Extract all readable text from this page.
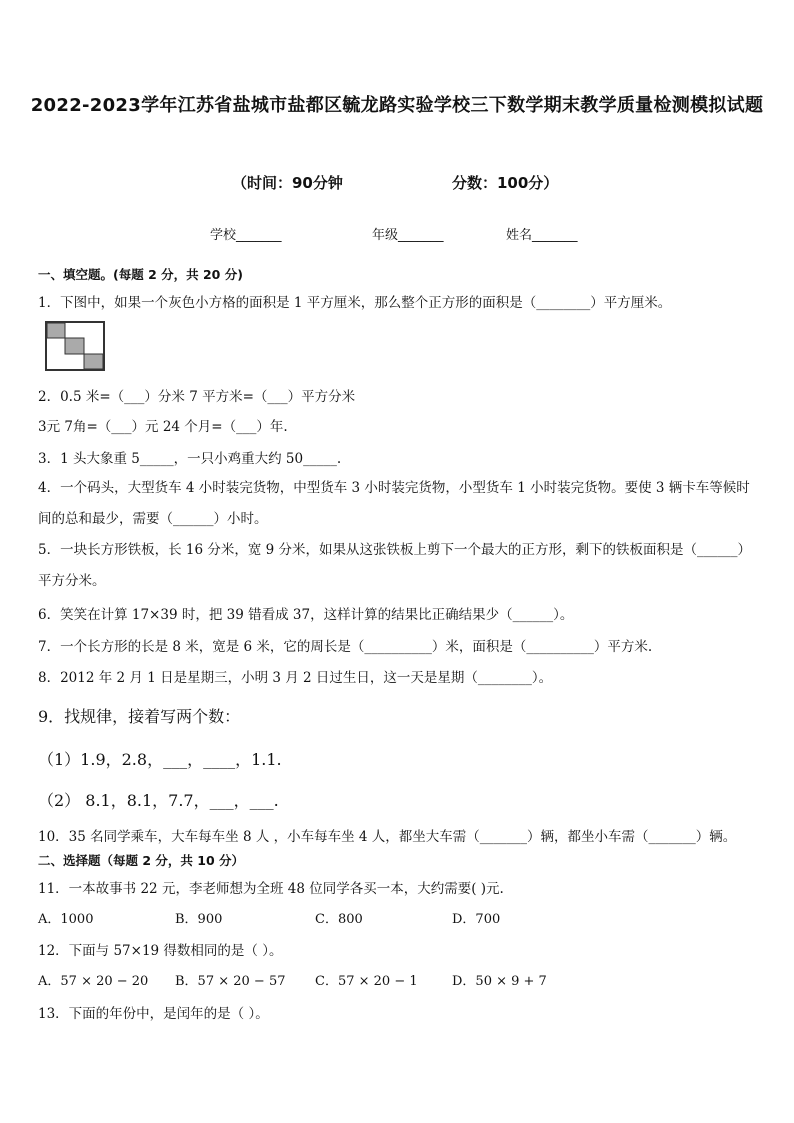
2022-2023学年江苏省盐城市盐都区毓龙路实验学校三下数学期末教学质量检测模拟试题
（时间：90分钟	分数：100分）
学校_______	年级_______	姓名_______
一、填空题。(每题 2 分，共 20 分)
1．下图中，如果一个灰色小方格的面积是 1 平方厘米，那么整个正方形的面积是（________）平方厘米。
2．0.5 米=（___）分米 7 平方米=（___）平方分米
3元 7角=（___）元 24 个月=（___）年.
3．1 头大象重 5_____，一只小鸡重大约 50_____.
4．一个码头，大型货车 4 小时装完货物，中型货车 3 小时装完货物，小型货车 1 小时装完货物。要使 3 辆卡车等候时间的总和最少，需要（______）小时。
5．一块长方形铁板，长 16 分米，宽 9 分米，如果从这张铁板上剪下一个最大的正方形，剩下的铁板面积是（______）平方分米。
6．笑笑在计算 17×39 时，把 39 错看成 37，这样计算的结果比正确结果少（______）。
7．一个长方形的长是 8 米，宽是 6 米，它的周长是（__________）米，面积是（__________）平方米.
8．2012 年 2 月 1 日是星期三，小明 3 月 2 日过生日，这一天是星期（________）。
9．找规律，接着写两个数：
（1）1.9，2.8，___，____，1.1.
（2） 8.1，8.1，7.7，___，___.
10．35 名同学乘车，大车每车坐 8 人 ，小车每车坐 4 人，都坐大车需（_______）辆，都坐小车需（_______）辆。
二、选择题（每题 2 分，共 10 分）
11．一本故事书 22 元，李老师想为全班 48 位同学各买一本，大约需要( )元.
A．1000	B．900	C．800	D．700
12．下面与 57×19 得数相同的是（ ）。
A．57 × 20 − 20 B．57 × 20 − 57 C．57 × 20 − 1	D．50 × 9 + 7
13．下面的年份中，是闰年的是（ ）。
